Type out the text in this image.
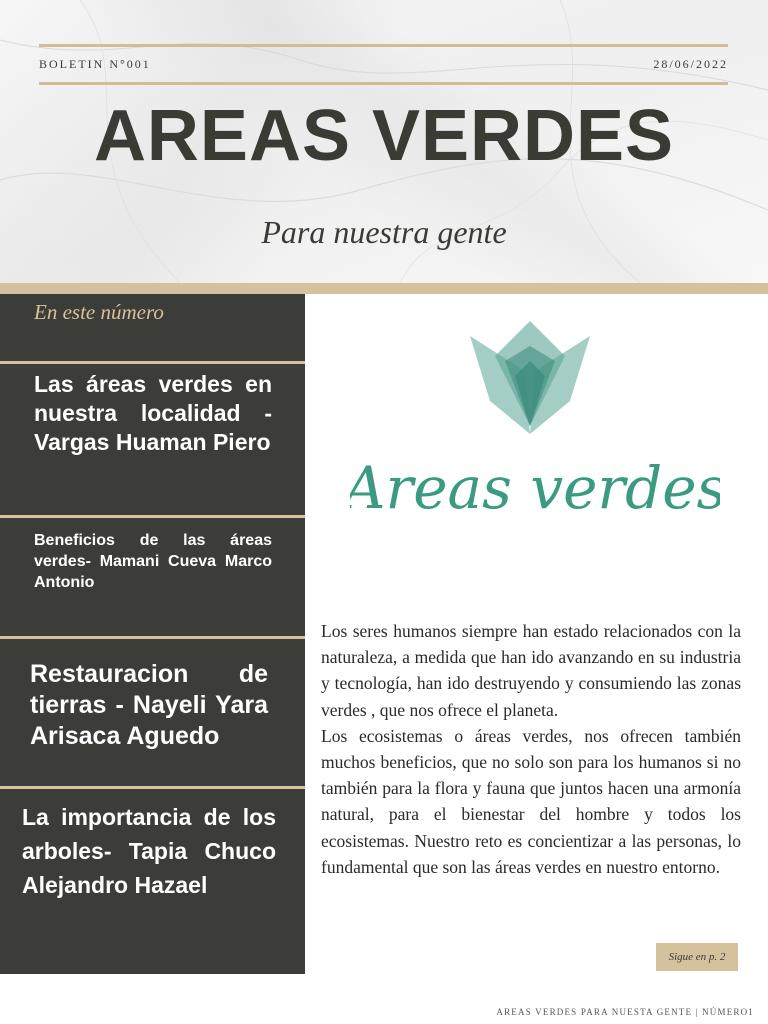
BOLETIN N°001	28/06/2022
AREAS VERDES
Para nuestra gente
En este número
Las áreas verdes en nuestra localidad - Vargas Huaman Piero
Beneficios de las áreas verdes- Mamani Cueva Marco Antonio
Restauracion de tierras - Nayeli Yara Arisaca Aguedo
La importancia de los arboles- Tapia Chuco Alejandro Hazael
Areas verdes

Los seres humanos siempre han estado relacionados con la naturaleza, a medida que han ido avanzando en su industria y tecnología, han ido destruyendo y consumiendo las zonas verdes , que nos ofrece el planeta.

Los ecosistemas o áreas verdes, nos ofrecen también muchos beneficios, que no solo son para los humanos si no también para la flora y fauna que juntos hacen una armonía natural, para el bienestar del hombre y todos los ecosistemas. Nuestro reto es concientizar a las personas, lo fundamental que son las áreas verdes en nuestro entorno.

Sigue en p. 2
AREAS VERDES PARA NUESTA GENTE | NÚMERO1
